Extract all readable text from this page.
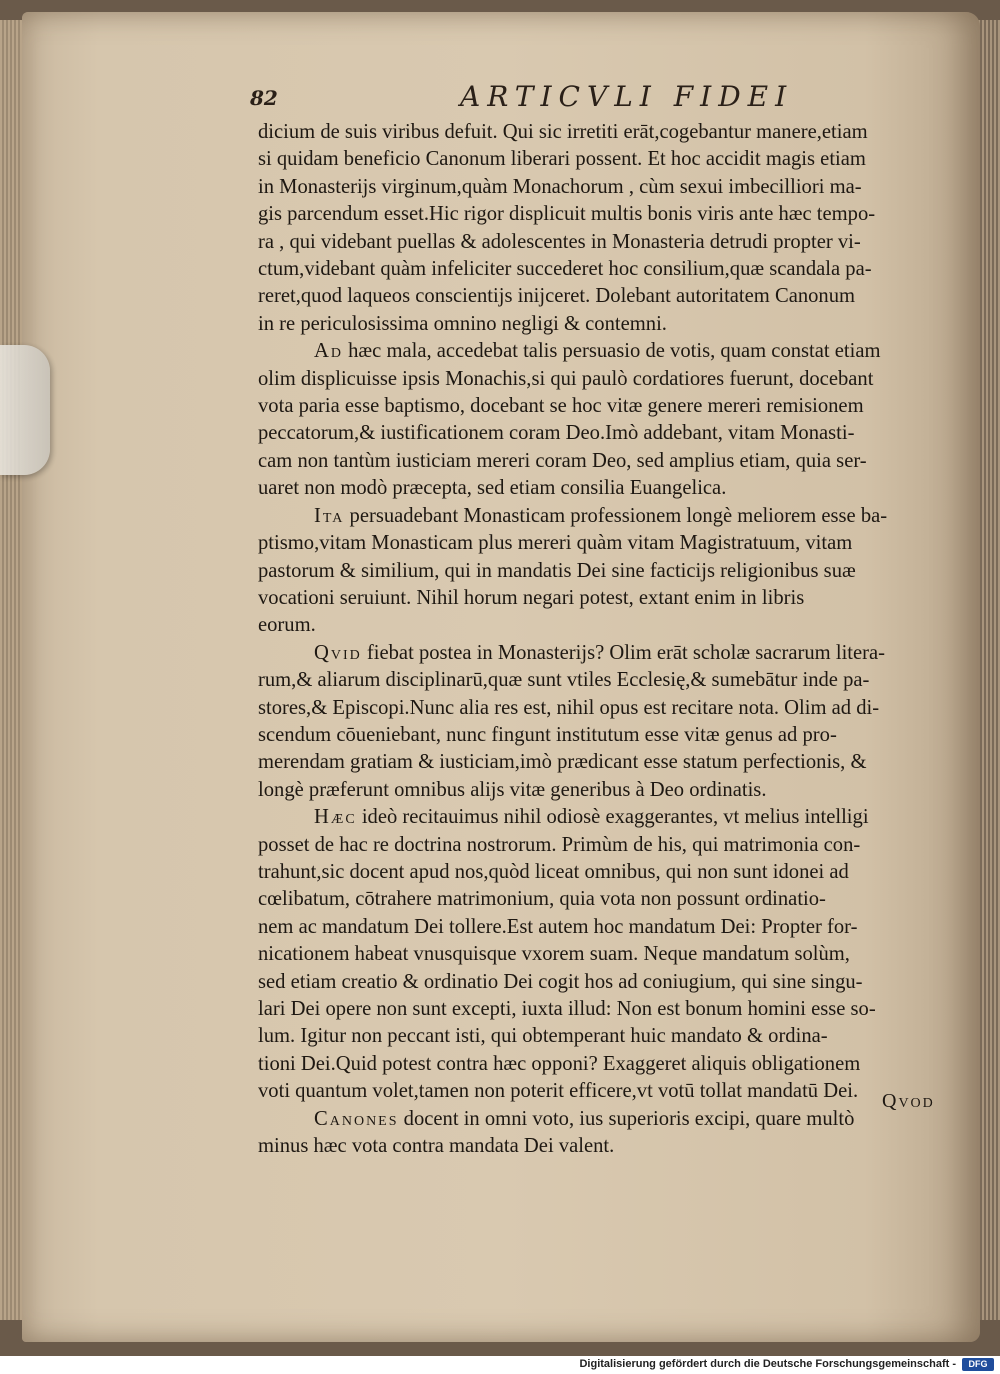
82	ARTICVLI FIDEI

dicium de suis viribus defuit. Qui sic irretiti erāt,cogebantur manere,etiam
si quidam beneficio Canonum liberari possent. Et hoc accidit magis etiam
in Monasterijs virginum,quàm Monachorum , cùm sexui imbecilliori ma-
gis parcendum esset.Hic rigor displicuit multis bonis viris ante hæc tempo-
ra , qui videbant puellas & adolescentes in Monasteria detrudi propter vi-
ctum,videbant quàm infeliciter succederet hoc consilium,quæ scandala pa-
reret,quod laqueos conscientijs inijceret. Dolebant autoritatem Canonum
in re periculosissima omnino negligi & contemni.

Ad hæc mala, accedebat talis persuasio de votis, quam constat etiam
olim displicuisse ipsis Monachis,si qui paulò cordatiores fuerunt, docebant
vota paria esse baptismo, docebant se hoc vitæ genere mereri remisionem
peccatorum,& iustificationem coram Deo.Imò addebant, vitam Monasti-
cam non tantùm iusticiam mereri coram Deo, sed amplius etiam, quia ser-
uaret non modò præcepta, sed etiam consilia Euangelica.

Ita persuadebant Monasticam professionem longè meliorem esse ba-
ptismo,vitam Monasticam plus mereri quàm vitam Magistratuum, vitam
pastorum & similium, qui in mandatis Dei sine facticijs religionibus suæ
vocationi seruiunt. Nihil horum negari potest, extant enim in libris
eorum.

Qvid fiebat postea in Monasterijs? Olim erāt scholæ sacrarum litera-
rum,& aliarum disciplinarū,quæ sunt vtiles Ecclesię,& sumebātur inde pa-
stores,& Episcopi.Nunc alia res est, nihil opus est recitare nota. Olim ad di-
scendum cōueniebant, nunc fingunt institutum esse vitæ genus ad pro-
merendam gratiam & iusticiam,imò prædicant esse statum perfectionis, &
longè præferunt omnibus alijs vitæ generibus à Deo ordinatis.

Hæc ideò recitauimus nihil odiosè exaggerantes, vt melius intelligi
posset de hac re doctrina nostrorum. Primùm de his, qui matrimonia con-
trahunt,sic docent apud nos,quòd liceat omnibus, qui non sunt idonei ad
cœlibatum, cōtrahere matrimonium, quia vota non possunt ordinatio-
nem ac mandatum Dei tollere.Est autem hoc mandatum Dei: Propter for-
nicationem habeat vnusquisque vxorem suam. Neque mandatum solùm,
sed etiam creatio & ordinatio Dei cogit hos ad coniugium, qui sine singu-
lari Dei opere non sunt excepti, iuxta illud: Non est bonum homini esse so-
lum. Igitur non peccant isti, qui obtemperant huic mandato & ordina-
tioni Dei.Quid potest contra hæc opponi? Exaggeret aliquis obligationem
voti quantum volet,tamen non poterit efficere,vt votū tollat mandatū Dei.

Canones docent in omni voto, ius superioris excipi, quare multò
minus hæc vota contra mandata Dei valent.

Qvod
Digitalisierung gefördert durch die Deutsche Forschungsgemeinschaft -	DFG
